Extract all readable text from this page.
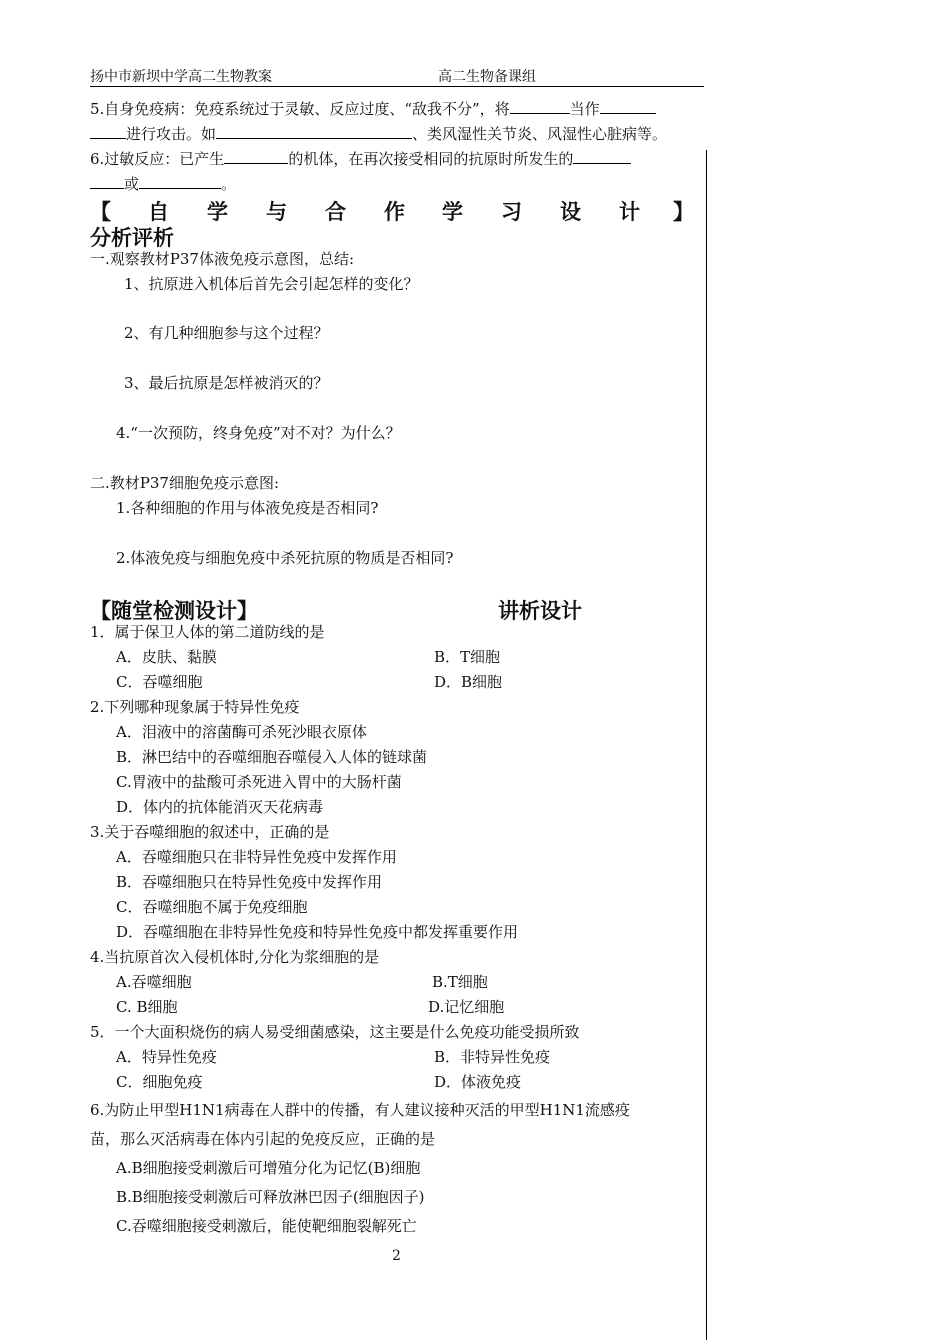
扬中市新坝中学高二生物教案	高二生物备课组
5.自身免疫病：免疫系统过于灵敏、反应过度、“敌我不分”，将	当作
进行攻击。如	、类风湿性关节炎、风湿性心脏病等。
6.过敏反应：已产生	的机体，在再次接受相同的抗原时所发生的
或	。
【 自 学 与 合 作 学 习 设 计 】
分析评析
一.观察教材P37体液免疫示意图，总结:
1、抗原进入机体后首先会引起怎样的变化？
2、有几种细胞参与这个过程？
3、最后抗原是怎样被消灭的？
4.“一次预防，终身免疫”对不对？为什么？
二.教材P37细胞免疫示意图:
1.各种细胞的作用与体液免疫是否相同?
2.体液免疫与细胞免疫中杀死抗原的物质是否相同?
【随堂检测设计】	讲析设计
1．属于保卫人体的第二道防线的是
A．皮肤、黏膜	B．T细胞
C．吞噬细胞	D．B细胞
2.下列哪种现象属于特异性免疫
A．泪液中的溶菌酶可杀死沙眼衣原体
B．淋巴结中的吞噬细胞吞噬侵入人体的链球菌
C.胃液中的盐酸可杀死进入胃中的大肠杆菌
D．体内的抗体能消灭天花病毒
3.关于吞噬细胞的叙述中，正确的是
A．吞噬细胞只在非特异性免疫中发挥作用
B．吞噬细胞只在特异性免疫中发挥作用
C．吞噬细胞不属于免疫细胞
D．吞噬细胞在非特异性免疫和特异性免疫中都发挥重要作用
4.当抗原首次入侵机体时,分化为浆细胞的是
A.吞噬细胞	B.T细胞
C. B细胞	D.记忆细胞
5．一个大面积烧伤的病人易受细菌感染，这主要是什么免疫功能受损所致
A．特异性免疫	B．非特异性免疫
C．细胞免疫	D．体液免疫
6.为防止甲型H1N1病毒在人群中的传播，有人建议接种灭活的甲型H1N1流感疫
苗，那么灭活病毒在体内引起的免疫反应，正确的是
A.B细胞接受刺激后可增殖分化为记忆(B)细胞
B.B细胞接受刺激后可释放淋巴因子(细胞因子)
C.吞噬细胞接受刺激后，能使靶细胞裂解死亡
2
